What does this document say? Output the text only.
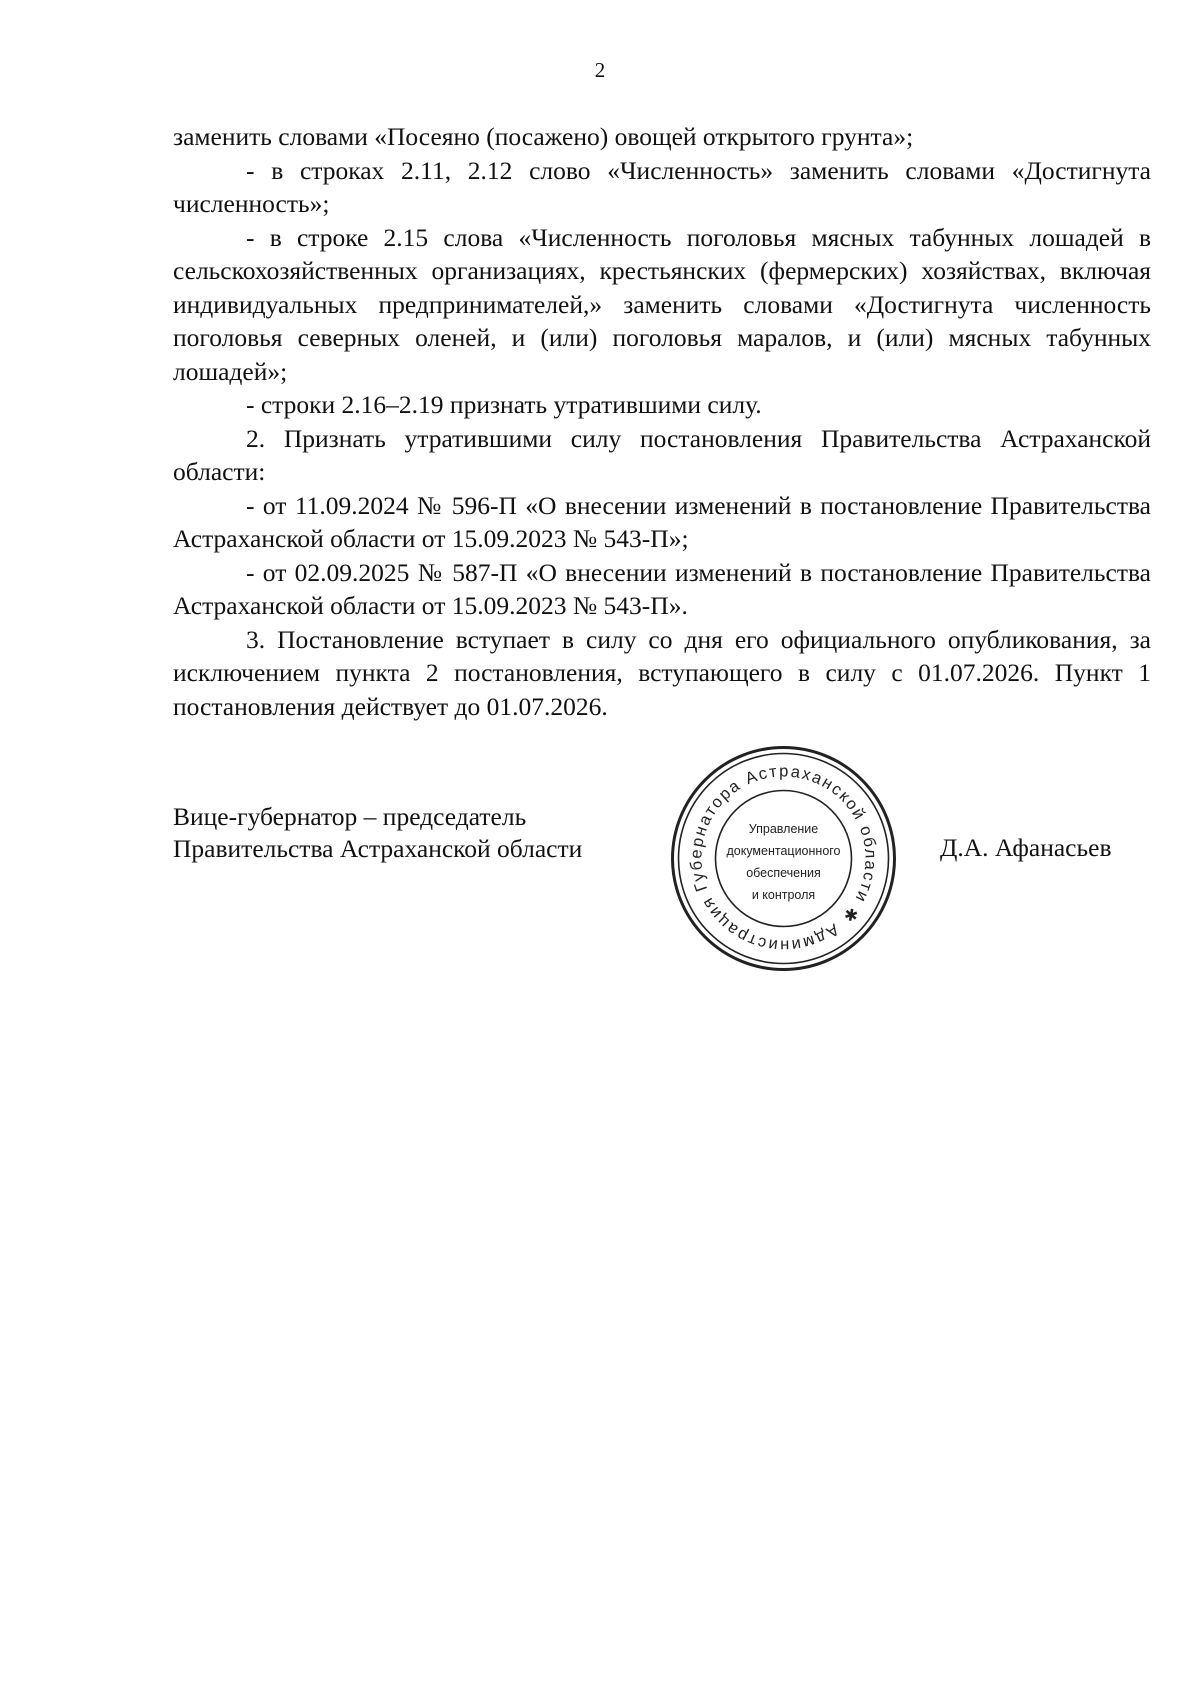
2

заменить словами «Посеяно (посажено) овощей открытого грунта»;

- в строках 2.11, 2.12 слово «Численность» заменить словами «Достигнута численность»;

- в строке 2.15 слова «Численность поголовья мясных табунных лошадей в сельскохозяйственных организациях, крестьянских (фермерских) хозяйствах, включая индивидуальных предпринимателей,» заменить словами «Достигнута численность поголовья северных оленей, и (или) поголовья маралов, и (или) мясных табунных лошадей»;

- строки 2.16–2.19 признать утратившими силу.

2. Признать утратившими силу постановления Правительства Астраханской области:

- от 11.09.2024 № 596-П «О внесении изменений в постановление Правительства Астраханской области от 15.09.2023 № 543-П»;

- от 02.09.2025 № 587-П «О внесении изменений в постановление Правительства Астраханской области от 15.09.2023 № 543-П».

3. Постановление вступает в силу со дня его официального опубликования, за исключением пункта 2 постановления, вступающего в силу с 01.07.2026. Пункт 1 постановления действует до 01.07.2026.

Вице-губернатор – председатель
Правительства Астраханской области
Администрация Губернатора Астраханской области ✱
Управление
документационного
обеспечения
и контроля
Д.А. Афанасьев
